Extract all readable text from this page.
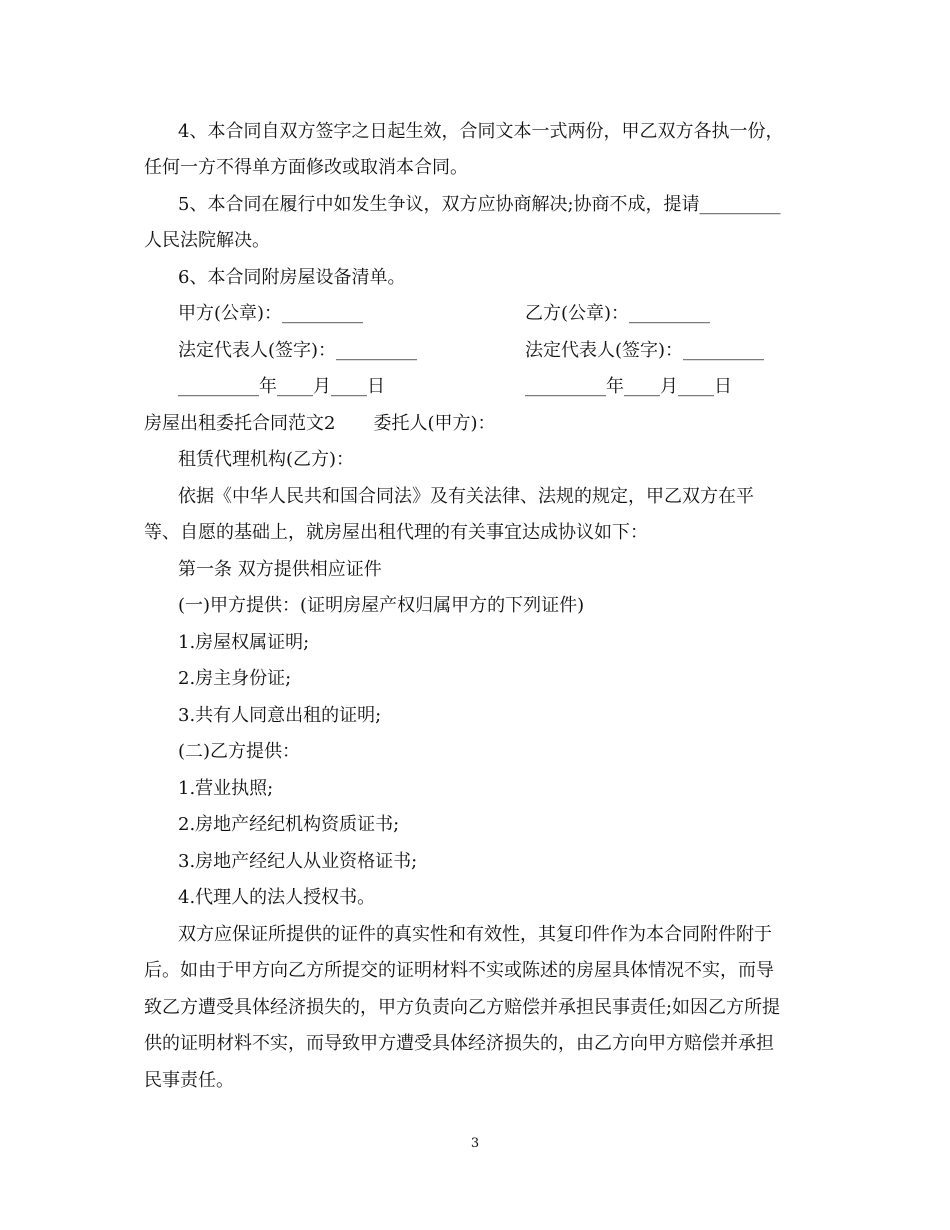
4、本合同自双方签字之日起生效，合同文本一式两份，甲乙双方各执一份，
任何一方不得单方面修改或取消本合同。
5、本合同在履行中如发生争议，双方应协商解决;协商不成，提请_________
人民法院解决。
6、本合同附房屋设备清单。
甲方(公章)：_________	乙方(公章)：_________
法定代表人(签字)：_________	法定代表人(签字)：_________
_________年____月____日	_________年____月____日
房屋出租委托合同范文2 委托人(甲方)：
租赁代理机构(乙方)：
依据《中华人民共和国合同法》及有关法律、法规的规定，甲乙双方在平
等、自愿的基础上，就房屋出租代理的有关事宜达成协议如下：
第一条 双方提供相应证件
(一)甲方提供：(证明房屋产权归属甲方的下列证件)
1.房屋权属证明;
2.房主身份证;
3.共有人同意出租的证明;
(二)乙方提供：
1.营业执照;
2.房地产经纪机构资质证书;
3.房地产经纪人从业资格证书;
4.代理人的法人授权书。
双方应保证所提供的证件的真实性和有效性，其复印件作为本合同附件附于
后。如由于甲方向乙方所提交的证明材料不实或陈述的房屋具体情况不实，而导
致乙方遭受具体经济损失的，甲方负责向乙方赔偿并承担民事责任;如因乙方所提
供的证明材料不实，而导致甲方遭受具体经济损失的，由乙方向甲方赔偿并承担
民事责任。
3
